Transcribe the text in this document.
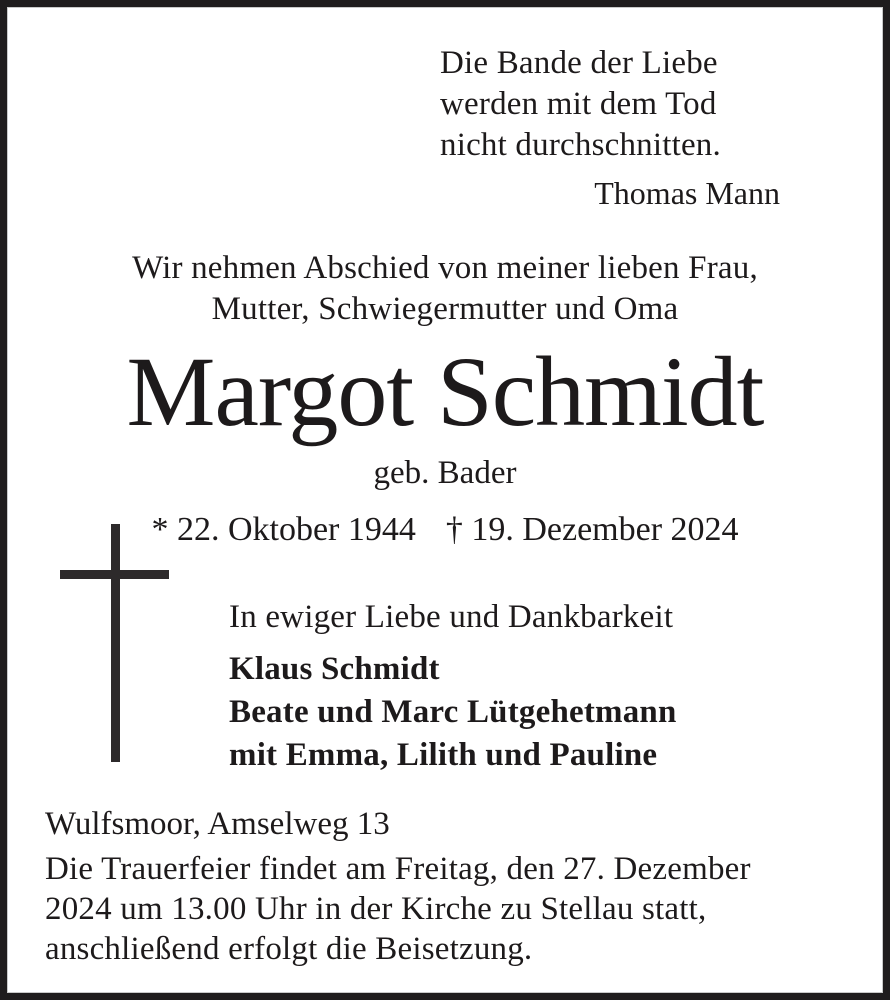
Die Bande der Liebe
werden mit dem Tod
nicht durchschnitten.
Thomas Mann
Wir nehmen Abschied von meiner lieben Frau,
Mutter, Schwiegermutter und Oma
Margot Schmidt
geb. Bader
* 22. Oktober 1944 † 19. Dezember 2024
In ewiger Liebe und Dankbarkeit
Klaus Schmidt
Beate und Marc Lütgehetmann
mit Emma, Lilith und Pauline
Wulfsmoor, Amselweg 13
Die Trauerfeier findet am Freitag, den 27. Dezember
2024 um 13.00 Uhr in der Kirche zu Stellau statt,
anschließend erfolgt die Beisetzung.
